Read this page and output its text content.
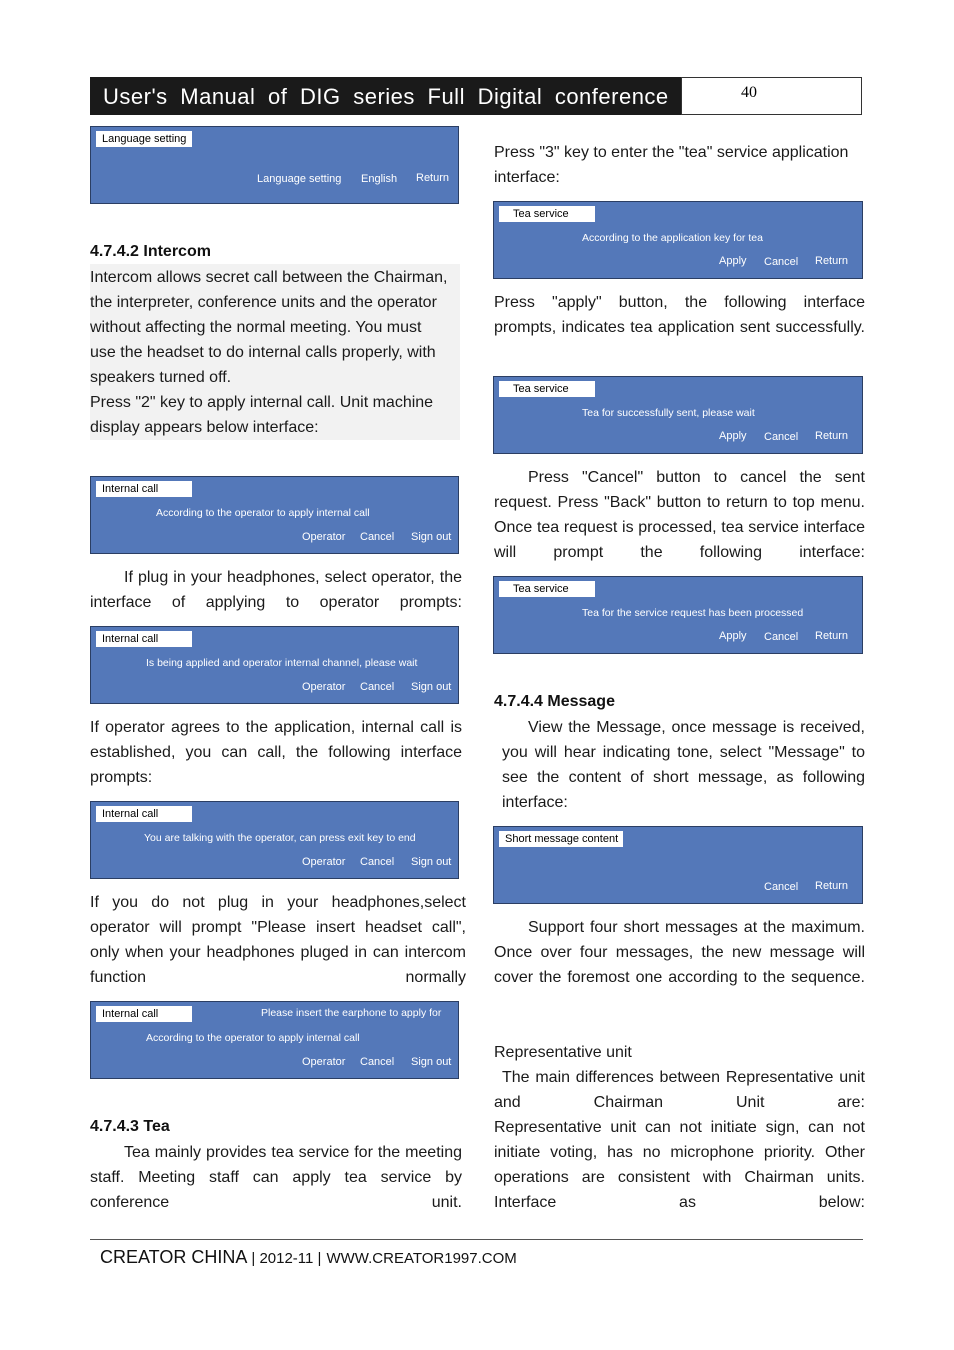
User's Manual of DIG series Full Digital conference	40
Language setting
Language setting English Return
4.7.4.2 Intercom
Intercom allows secret call between the Chairman,
the interpreter, conference units and the operator
without affecting the normal meeting. You must
use the headset to do internal calls properly, with
speakers turned off.
Press "2" key to apply internal call. Unit machine
display appears below interface:
Internal call
According to the operator to apply internal call
Operator Cancel Sign out
If plug in your headphones, select operator, the interface of applying to operator prompts:
Internal call
Is being applied and operator internal channel, please wait
Operator Cancel Sign out
If operator agrees to the application, internal call is established, you can call, the following interface prompts:
Internal call
You are talking with the operator, can press exit key to end
Operator Cancel Sign out
If you do not plug in your headphones,select operator will prompt "Please insert headset call", only when your headphones pluged in can intercom function normally
Internal call	Please insert the earphone to apply for
According to the operator to apply internal call
Operator Cancel Sign out
4.7.4.3 Tea
Tea mainly provides tea service for the meeting staff. Meeting staff can apply tea service by conference unit.
Press "3" key to enter the "tea" service application interface:
Tea service
According to the application key for tea
Apply Cancel Return
Press "apply" button, the following interface prompts, indicates tea application sent successfully.
Tea service
Tea for successfully sent, please wait
Apply Cancel Return
Press "Cancel" button to cancel the sent request. Press "Back" button to return to top menu. Once tea request is processed, tea service interface will prompt the following interface:
Tea service
Tea for the service request has been processed
Apply Cancel Return
4.7.4.4 Message
View the Message, once message is received, you will hear indicating tone, select "Message" to see the content of short message, as following interface:
Short message content
Cancel Return
Support four short messages at the maximum. Once over four messages, the new message will cover the foremost one according to the sequence.
Representative unit
The main differences between Representative unit and Chairman Unit are:
Representative unit can not initiate sign, can not initiate voting, has no microphone priority. Other operations are consistent with Chairman units. Interface as below:
CREATOR CHINA | 2012-11 | WWW.CREATOR1997.COM
